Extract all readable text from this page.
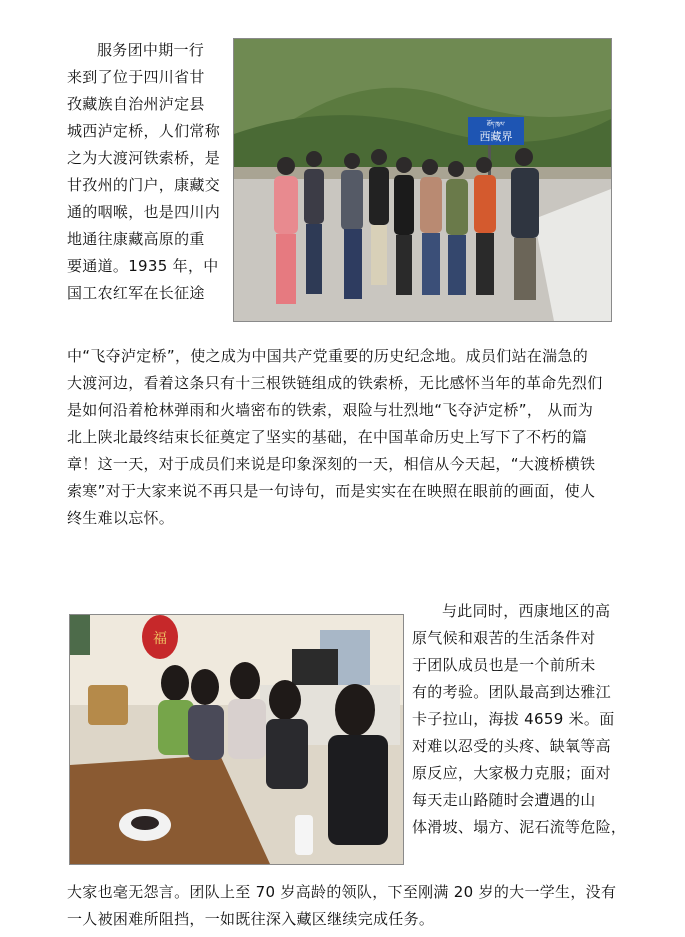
服务团中期一行

来到了位于四川省甘

孜藏族自治州泸定县

城西泸定桥，人们常称

之为大渡河铁索桥，是

甘孜州的门户，康藏交

通的咽喉，也是四川内

地通往康藏高原的重

要通道。1935 年，中

国工农红军在长征途

ཐོད་ཁུལ་
西藏界

中“飞夺泸定桥”，使之成为中国共产党重要的历史纪念地。成员们站在湍急的

大渡河边，看着这条只有十三根铁链组成的铁索桥，无比感怀当年的革命先烈们

是如何沿着枪林弹雨和火墙密布的铁索，艰险与壮烈地“飞夺泸定桥”， 从而为

北上陕北最终结束长征奠定了坚实的基础，在中国革命历史上写下了不朽的篇

章！这一天，对于成员们来说是印象深刻的一天，相信从今天起，“大渡桥横铁

索寒”对于大家来说不再只是一句诗句，而是实实在在映照在眼前的画面，使人

终生难以忘怀。

福

与此同时，西康地区的高

原气候和艰苦的生活条件对

于团队成员也是一个前所未

有的考验。团队最高到达雅江

卡子拉山，海拔 4659 米。面

对难以忍受的头疼、缺氧等高

原反应，大家极力克服；面对

每天走山路随时会遭遇的山

体滑坡、塌方、泥石流等危险，

大家也毫无怨言。团队上至 70 岁高龄的领队，下至刚满 20 岁的大一学生，没有

一人被困难所阻挡，一如既往深入藏区继续完成任务。
